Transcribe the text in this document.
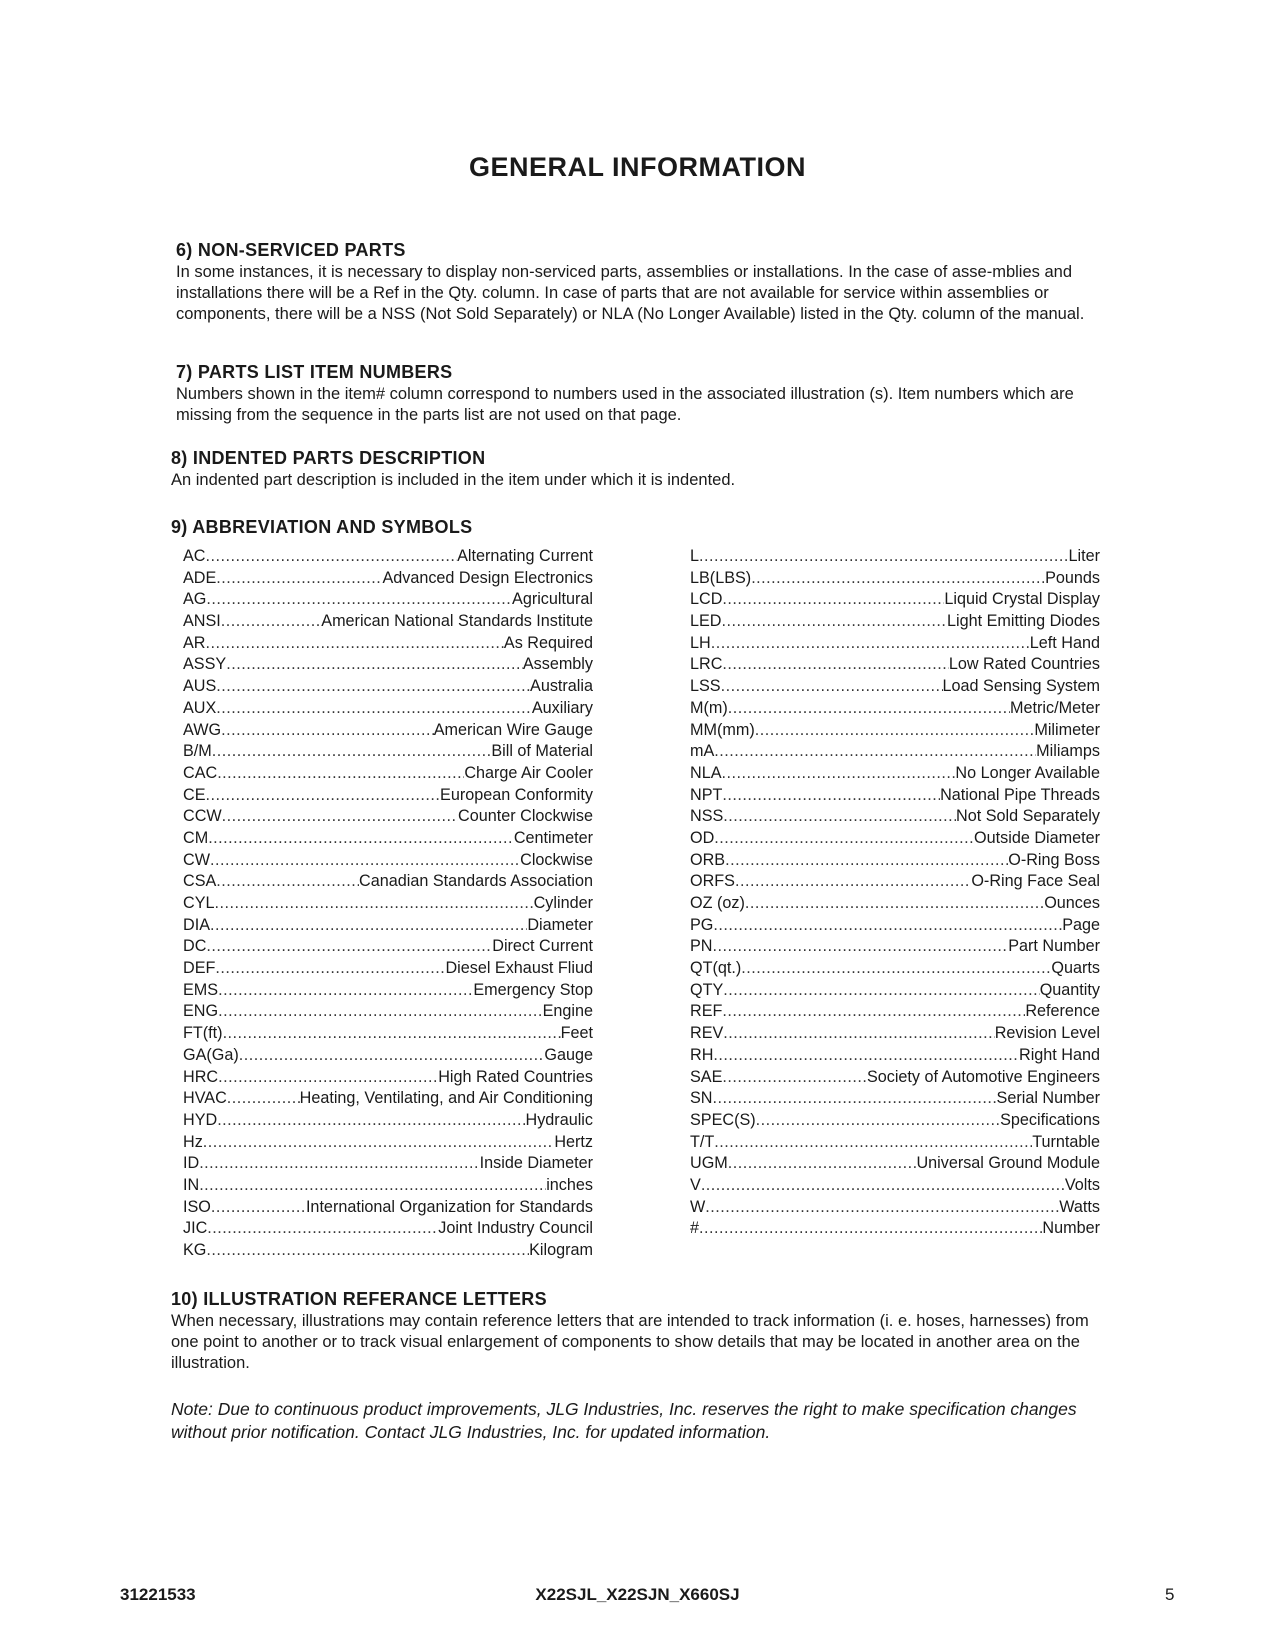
GENERAL INFORMATION
6) NON-SERVICED PARTS

In some instances, it is necessary to display non-serviced parts, assemblies or installations. In the case of asse-mblies and installations there will be a Ref in the Qty. column. In case of parts that are not available for service within assemblies or components, there will be a NSS (Not Sold Separately) or NLA (No Longer Available) listed in the Qty. column of the manual.

7) PARTS LIST ITEM NUMBERS

Numbers shown in the item# column correspond to numbers used in the associated illustration (s). Item numbers which are missing from the sequence in the parts list are not used on that page.

8) INDENTED PARTS DESCRIPTION

An indented part description is included in the item under which it is indented.

9) ABBREVIATION AND SYMBOLS
AC .....	Alternating Current
ADE .....	Advanced Design Electronics
AG .....	Agricultural
ANSI .....	American National Standards Institute
AR .....	As Required
ASSY .....	Assembly
AUS .....	Australia
AUX .....	Auxiliary
AWG .....	American Wire Gauge
B/M .....	Bill of Material
CAC .....	Charge Air Cooler
CE .....	European Conformity
CCW .....	Counter Clockwise
CM .....	Centimeter
CW .....	Clockwise
CSA .....	Canadian Standards Association
CYL .....	Cylinder
DIA .....	Diameter
DC .....	Direct Current
DEF .....	Diesel Exhaust Fliud
EMS .....	Emergency Stop
ENG .....	Engine
FT(ft) .....	Feet
GA(Ga) .....	Gauge
HRC .....	High Rated Countries
HVAC .....	Heating, Ventilating, and Air Conditioning
HYD .....	Hydraulic
Hz .....	Hertz
ID .....	Inside Diameter
IN .....	inches
ISO .....	International Organization for Standards
JIC .....	Joint Industry Council
KG .....	Kilogram
L .....	Liter
LB(LBS) .....	Pounds
LCD .....	Liquid Crystal Display
LED .....	Light Emitting Diodes
LH .....	Left Hand
LRC .....	Low Rated Countries
LSS .....	Load Sensing System
M(m) .....	Metric/Meter
MM(mm) .....	Milimeter
mA .....	Miliamps
NLA .....	No Longer Available
NPT .....	National Pipe Threads
NSS .....	Not Sold Separately
OD .....	Outside Diameter
ORB .....	O-Ring Boss
ORFS .....	O-Ring Face Seal
OZ (oz) .....	Ounces
PG .....	Page
PN .....	Part Number
QT(qt.) .....	Quarts
QTY .....	Quantity
REF .....	Reference
REV .....	Revision Level
RH .....	Right Hand
SAE .....	Society of Automotive Engineers
SN .....	Serial Number
SPEC(S) .....	Specifications
T/T .....	Turntable
UGM .....	Universal Ground Module
V .....	Volts
W .....	Watts
# .....	Number
10) ILLUSTRATION REFERANCE LETTERS

When necessary, illustrations may contain reference letters that are intended to track information (i. e. hoses, harnesses) from one point to another or to track visual enlargement of components to show details that may be located in another area on the illustration.

Note: Due to continuous product improvements, JLG Industries, Inc. reserves the right to make specification changes without prior notification. Contact JLG Industries, Inc. for updated information.
31221533	X22SJL_X22SJN_X660SJ	5
